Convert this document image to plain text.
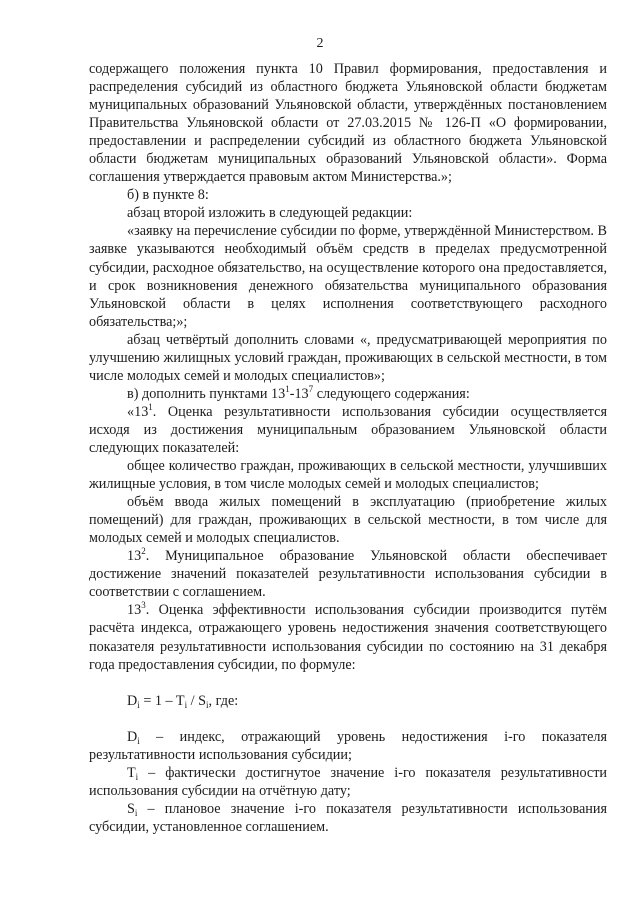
2

содержащего положения пункта 10 Правил формирования, предоставления и распределения субсидий из областного бюджета Ульяновской области бюджетам муниципальных образований Ульяновской области, утверждённых постановлением Правительства Ульяновской области от 27.03.2015 № 126-П «О формировании, предоставлении и распределении субсидий из областного бюджета Ульяновской области бюджетам муниципальных образований Ульяновской области». Форма соглашения утверждается правовым актом Министерства.»;

б) в пункте 8:

абзац второй изложить в следующей редакции:

«заявку на перечисление субсидии по форме, утверждённой Министерством. В заявке указываются необходимый объём средств в пределах предусмотренной субсидии, расходное обязательство, на осуществление которого она предоставляется, и срок возникновения денежного обязательства муниципального образования Ульяновской области в целях исполнения соответствующего расходного обязательства;»;

абзац четвёртый дополнить словами «, предусматривающей мероприятия по улучшению жилищных условий граждан, проживающих в сельской местности, в том числе молодых семей и молодых специалистов»;

в) дополнить пунктами $13^1-13^7$ следующего содержания:

«$13^1$. Оценка результативности использования субсидии осуществляется исходя из достижения муниципальным образованием Ульяновской области следующих показателей:

общее количество граждан, проживающих в сельской местности, улучшивших жилищные условия, в том числе молодых семей и молодых специалистов;

объём ввода жилых помещений в эксплуатацию (приобретение жилых помещений) для граждан, проживающих в сельской местности, в том числе для молодых семей и молодых специалистов.

$13^2$. Муниципальное образование Ульяновской области обеспечивает достижение значений показателей результативности использования субсидии в соответствии с соглашением.

$13^3$. Оценка эффективности использования субсидии производится путём расчёта индекса, отражающего уровень недостижения значения соответствующего показателя результативности использования субсидии по состоянию на 31 декабря года предоставления субсидии, по формуле:

$D_i = 1 - T_i / S_i$, где:

$D_i$ – индекс, отражающий уровень недостижения i-го показателя результативности использования субсидии;

$T_i$ – фактически достигнутое значение i-го показателя результативности использования субсидии на отчётную дату;

$S_i$ – плановое значение i-го показателя результативности использования субсидии, установленное соглашением.
